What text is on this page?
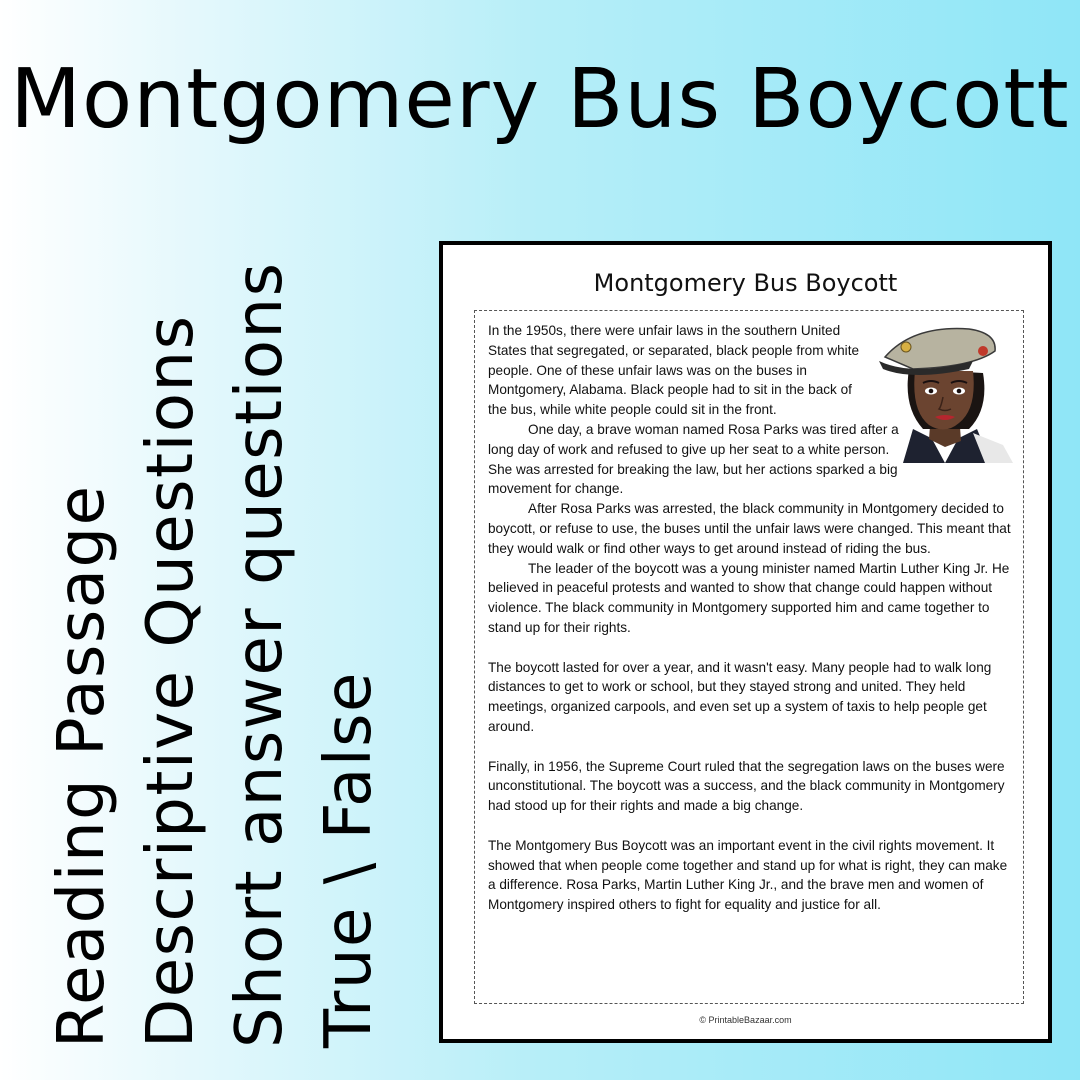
Montgomery Bus Boycott
Reading Passage Descriptive Questions Short answer questions True \ False
Montgomery Bus Boycott

In the 1950s, there were unfair laws in the southern United States that segregated, or separated, black people from white people. One of these unfair laws was on the buses in Montgomery, Alabama. Black people had to sit in the back of the bus, while white people could sit in the front.

One day, a brave woman named Rosa Parks was tired after a long day of work and refused to give up her seat to a white person. She was arrested for breaking the law, but her actions sparked a big movement for change.

After Rosa Parks was arrested, the black community in Montgomery decided to boycott, or refuse to use, the buses until the unfair laws were changed. This meant that they would walk or find other ways to get around instead of riding the bus.

The leader of the boycott was a young minister named Martin Luther King Jr. He believed in peaceful protests and wanted to show that change could happen without violence. The black community in Montgomery supported him and came together to stand up for their rights.

The boycott lasted for over a year, and it wasn't easy. Many people had to walk long distances to get to work or school, but they stayed strong and united. They held meetings, organized carpools, and even set up a system of taxis to help people get around.

Finally, in 1956, the Supreme Court ruled that the segregation laws on the buses were unconstitutional. The boycott was a success, and the black community in Montgomery had stood up for their rights and made a big change.

The Montgomery Bus Boycott was an important event in the civil rights movement. It showed that when people come together and stand up for what is right, they can make a difference. Rosa Parks, Martin Luther King Jr., and the brave men and women of Montgomery inspired others to fight for equality and justice for all.

© PrintableBazaar.com
